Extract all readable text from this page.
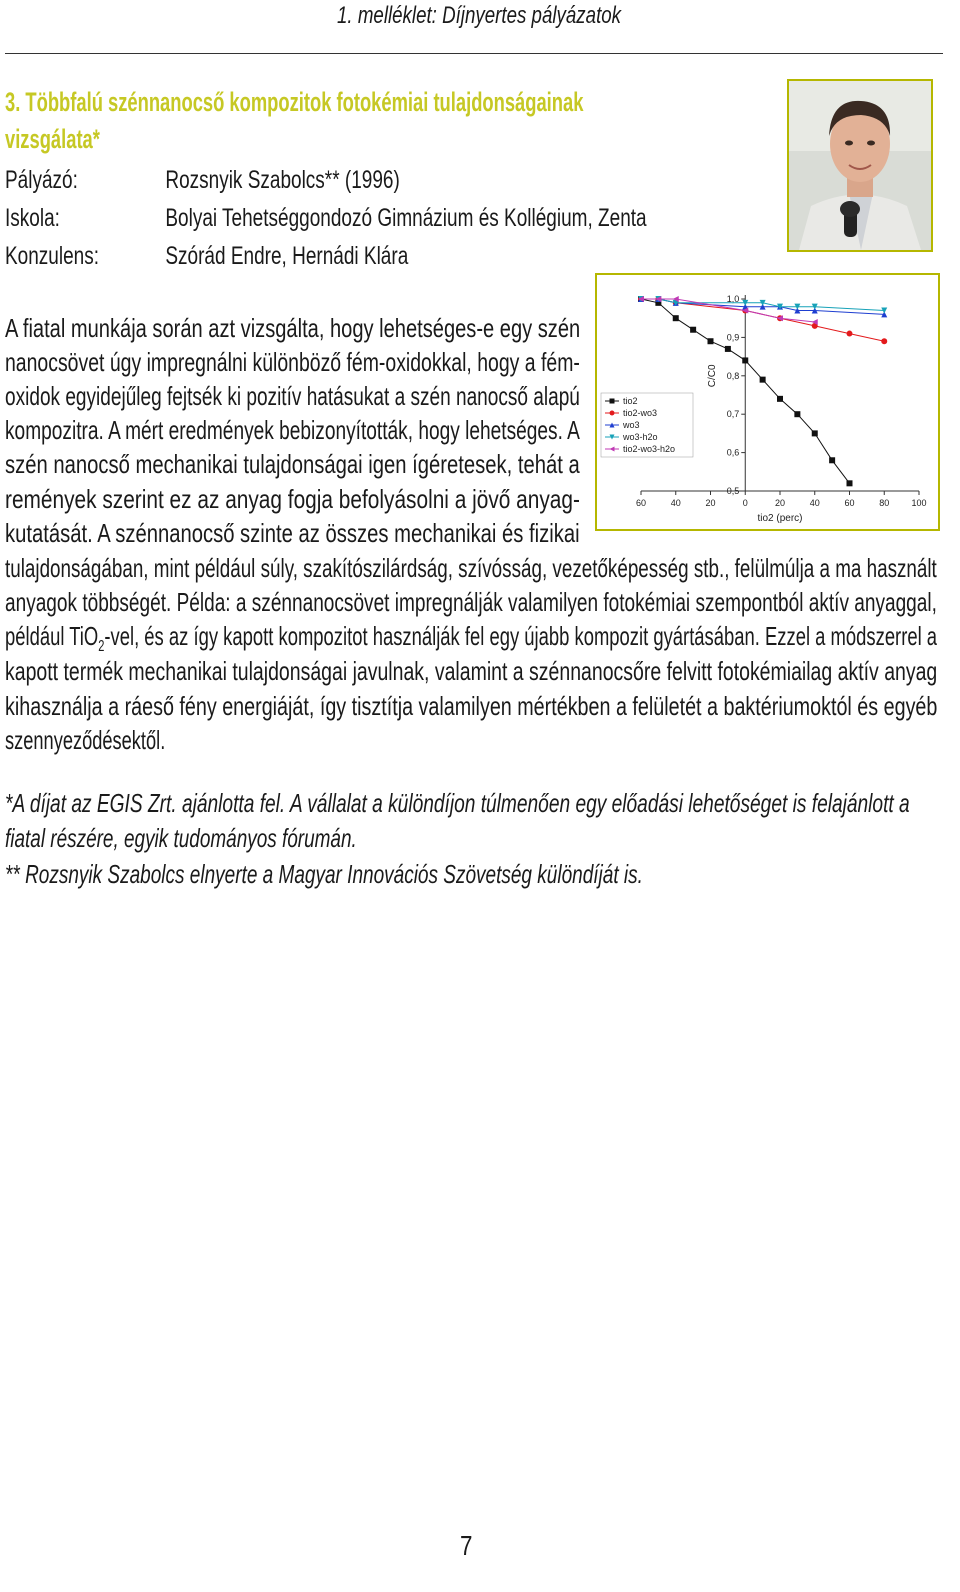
1. melléklet: Díjnyertes pályázatok
3. Többfalú szénnanocső kompozitok fotokémiai tulajdonságainak
vizsgálata*
Pályázó:	Rozsnyik Szabolcs** (1996)
Iskola:	Bolyai Tehetséggondozó Gimnázium és Kollégium, Zenta
Konzulens:	Szórád Endre, Hernádi Klára
60	40	20	0	20	40	60	80 100
1,0
0,9
0,8
0,7
0,6
0,5
tio2 (perc)
C/C0
tio2
tio2-wo3
wo3
wo3-h2o
tio2-wo3-h2o
A fiatal munkája során azt vizsgálta, hogy lehetséges-e egy szén
nanocsövet úgy impregnálni különböző fém-oxidokkal, hogy a fém-
oxidok egyidejűleg fejtsék ki pozitív hatásukat a szén nanocső alapú
kompozitra. A mért eredmények bebizonyították, hogy lehetséges. A
szén nanocső mechanikai tulajdonságai igen ígéretesek, tehát a
remények szerint ez az anyag fogja befolyásolni a jövő anyag-
kutatását. A szénnanocső szinte az összes mechanikai és fizikai
tulajdonságában, mint például súly, szakítószilárdság, szívósság, vezetőképesség stb., felülmúlja a ma használt
anyagok többségét. Példa: a szénnanocsövet impregnálják valamilyen fotokémiai szempontból aktív anyaggal,
például TiO$_2$-vel, és az így kapott kompozitot használják fel egy újabb kompozit gyártásában. Ezzel a módszerrel a
kapott termék mechanikai tulajdonságai javulnak, valamint a szénnanocsőre felvitt fotokémiailag aktív anyag
kihasználja a ráeső fény energiáját, így tisztítja valamilyen mértékben a felületét a baktériumoktól és egyéb
szennyeződésektől.
*A díjat az EGIS Zrt. ajánlotta fel. A vállalat a különdíjon túlmenően egy előadási lehetőséget is felajánlott a
fiatal részére, egyik tudományos fórumán.
** Rozsnyik Szabolcs elnyerte a Magyar Innovációs Szövetség különdíját is.
7
